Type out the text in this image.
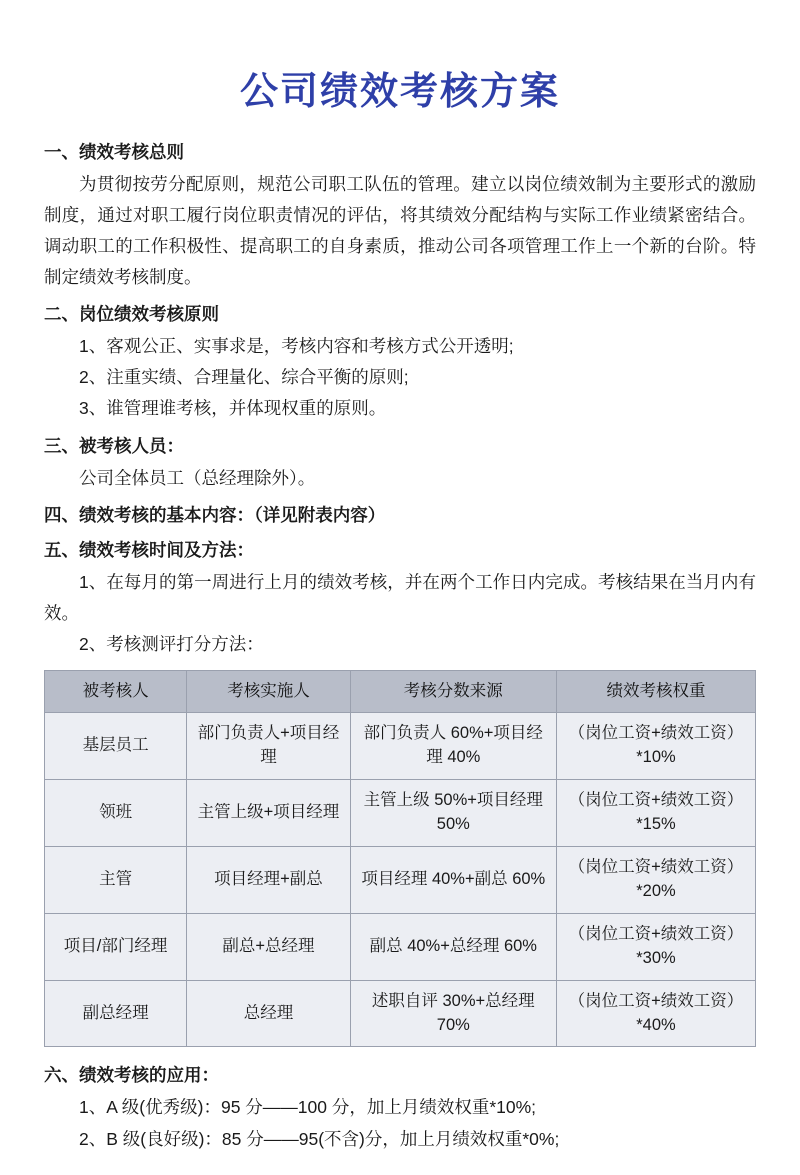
公司绩效考核方案
一、绩效考核总则

为贯彻按劳分配原则，规范公司职工队伍的管理。建立以岗位绩效制为主要形式的激励制度，通过对职工履行岗位职责情况的评估，将其绩效分配结构与实际工作业绩紧密结合。调动职工的工作积极性、提高职工的自身素质，推动公司各项管理工作上一个新的台阶。特制定绩效考核制度。

二、岗位绩效考核原则

1、客观公正、实事求是，考核内容和考核方式公开透明;

2、注重实绩、合理量化、综合平衡的原则;

3、谁管理谁考核，并体现权重的原则。

三、被考核人员：

公司全体员工（总经理除外）。

四、绩效考核的基本内容：（详见附表内容）
五、绩效考核时间及方法：

1、在每月的第一周进行上月的绩效考核，并在两个工作日内完成。考核结果在当月内有效。

2、考核测评打分方法：

被考核人	考核实施人	考核分数来源	绩效考核权重
基层员工	部门负责人+项目经理	部门负责人 60%+项目经理 40%	（岗位工资+绩效工资）*10%
领班	主管上级+项目经理	主管上级 50%+项目经理 50%	（岗位工资+绩效工资）*15%
主管	项目经理+副总	项目经理 40%+副总 60%	（岗位工资+绩效工资）*20%
项目/部门经理	副总+总经理	副总 40%+总经理 60%	（岗位工资+绩效工资）*30%
副总经理	总经理	述职自评 30%+总经理 70%	（岗位工资+绩效工资）*40%
六、绩效考核的应用：

1、A 级(优秀级)：95 分——100 分，加上月绩效权重*10%;

2、B 级(良好级)：85 分——95(不含)分，加上月绩效权重*0%;
